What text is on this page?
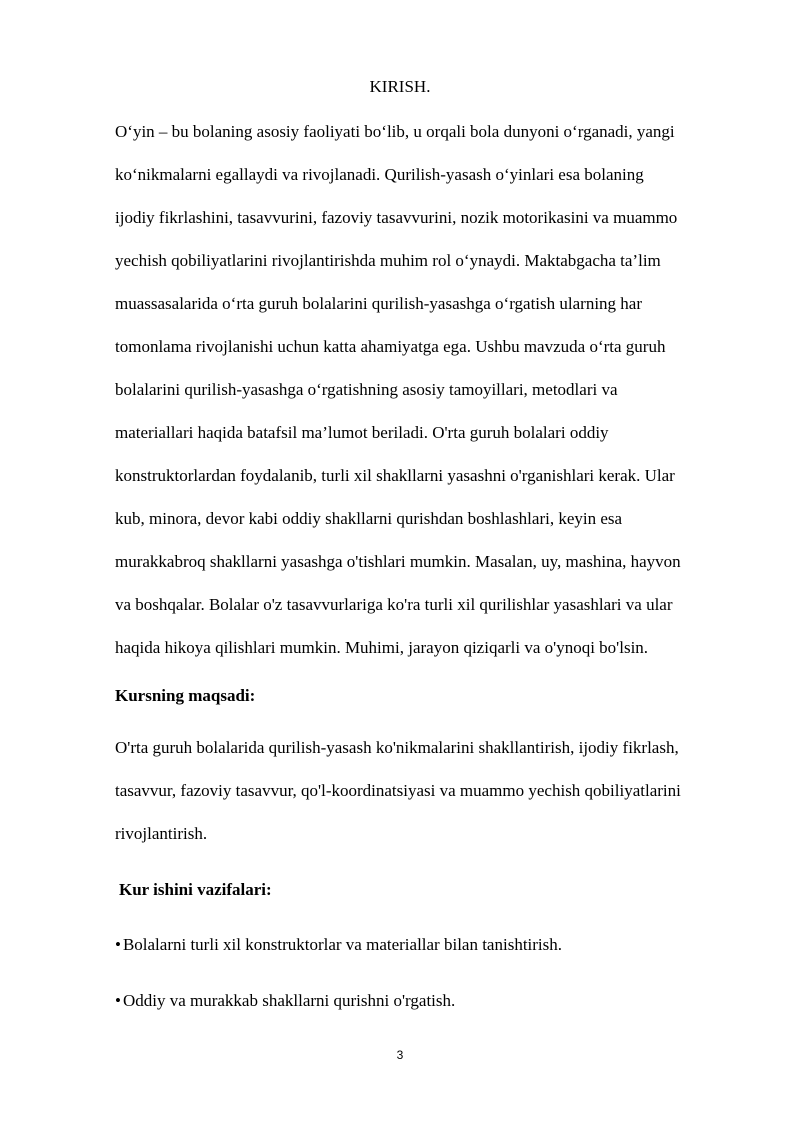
KIRISH.
O‘yin – bu bolaning asosiy faoliyati bo‘lib, u orqali bola dunyoni o‘rganadi, yangi
ko‘nikmalarni egallaydi va rivojlanadi. Qurilish-yasash o‘yinlari esa bolaning
ijodiy fikrlashini, tasavvurini, fazoviy tasavvurini, nozik motorikasini va muammo
yechish qobiliyatlarini rivojlantirishda muhim rol o‘ynaydi. Maktabgacha ta’lim
muassasalarida o‘rta guruh bolalarini qurilish-yasashga o‘rgatish ularning har
tomonlama rivojlanishi uchun katta ahamiyatga ega. Ushbu mavzuda o‘rta guruh
bolalarini qurilish-yasashga o‘rgatishning asosiy tamoyillari, metodlari va
materiallari haqida batafsil ma’lumot beriladi. O'rta guruh bolalari oddiy
konstruktorlardan foydalanib, turli xil shakllarni yasashni o'rganishlari kerak. Ular
kub, minora, devor kabi oddiy shakllarni qurishdan boshlashlari, keyin esa
murakkabroq shakllarni yasashga o'tishlari mumkin. Masalan, uy, mashina, hayvon
va boshqalar. Bolalar o'z tasavvurlariga ko'ra turli xil qurilishlar yasashlari va ular
haqida hikoya qilishlari mumkin. Muhimi, jarayon qiziqarli va o'ynoqi bo'lsin.
Kursning maqsadi:
O'rta guruh bolalarida qurilish-yasash ko'nikmalarini shakllantirish, ijodiy fikrlash,
tasavvur, fazoviy tasavvur, qo'l-koordinatsiyasi va muammo yechish qobiliyatlarini
rivojlantirish.
Kur ishini vazifalari:
• Bolalarni turli xil konstruktorlar va materiallar bilan tanishtirish.
• Oddiy va murakkab shakllarni qurishni o'rgatish.
3
